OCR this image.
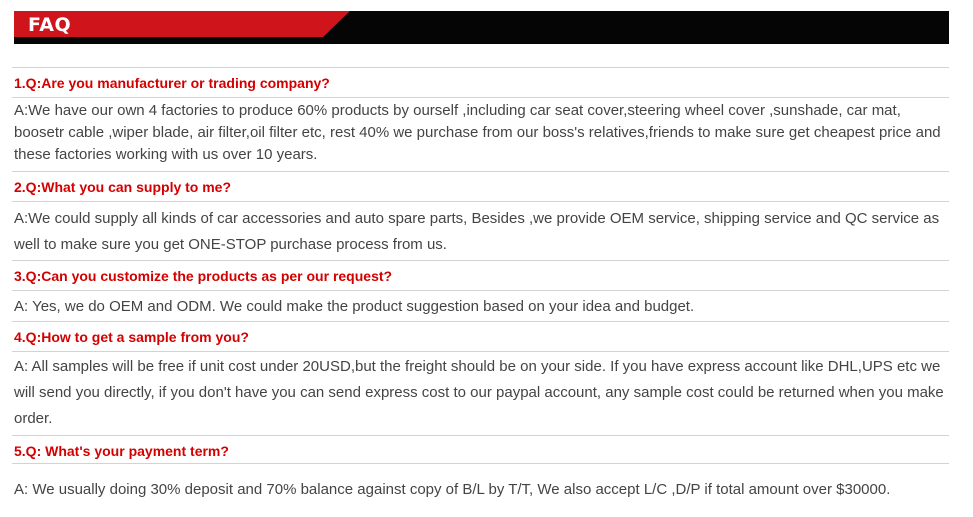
FAQ
1.Q:Are you manufacturer or trading company?
A:We have our own 4 factories to produce 60% products by ourself ,including car seat cover,steering wheel cover ,sunshade, car mat, boosetr cable ,wiper blade, air filter,oil filter etc, rest 40% we purchase from our boss's relatives,friends to make sure get cheapest price and these factories working with us over 10 years.
2.Q:What you can supply to me?
A:We could supply all kinds of car accessories and auto spare parts, Besides ,we provide OEM service, shipping service and QC service as well to make sure you get ONE-STOP purchase process from us.
3.Q:Can you customize the products as per our request?
A: Yes, we do OEM and ODM. We could make the product suggestion based on your idea and budget.
4.Q:How to get a sample from you?
A: All samples will be free if unit cost under 20USD,but the freight should be on your side. If you have express account like DHL,UPS etc we will send you directly, if you don't have you can send express cost to our paypal account, any sample cost could be returned when you make order.
5.Q: What's your payment term?
A: We usually doing 30% deposit and 70% balance against copy of B/L by T/T, We also accept L/C ,D/P if total amount over $30000.
